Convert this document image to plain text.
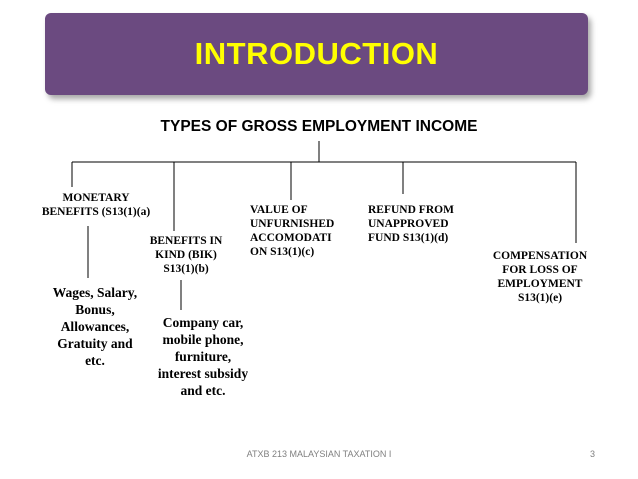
INTRODUCTION
TYPES OF GROSS EMPLOYMENT INCOME
MONETARY
BENEFITS (S13(1)(a)
BENEFITS IN
KIND (BIK)
S13(1)(b)
VALUE OF
UNFURNISHED
ACCOMODATI
ON S13(1)(c)
REFUND FROM
UNAPPROVED
FUND S13(1)(d)
COMPENSATION
FOR LOSS OF
EMPLOYMENT
S13(1)(e)
Wages, Salary,
Bonus,
Allowances,
Gratuity and
etc.
Company car,
mobile phone,
furniture,
interest subsidy
and etc.
ATXB 213 MALAYSIAN TAXATION I	3
